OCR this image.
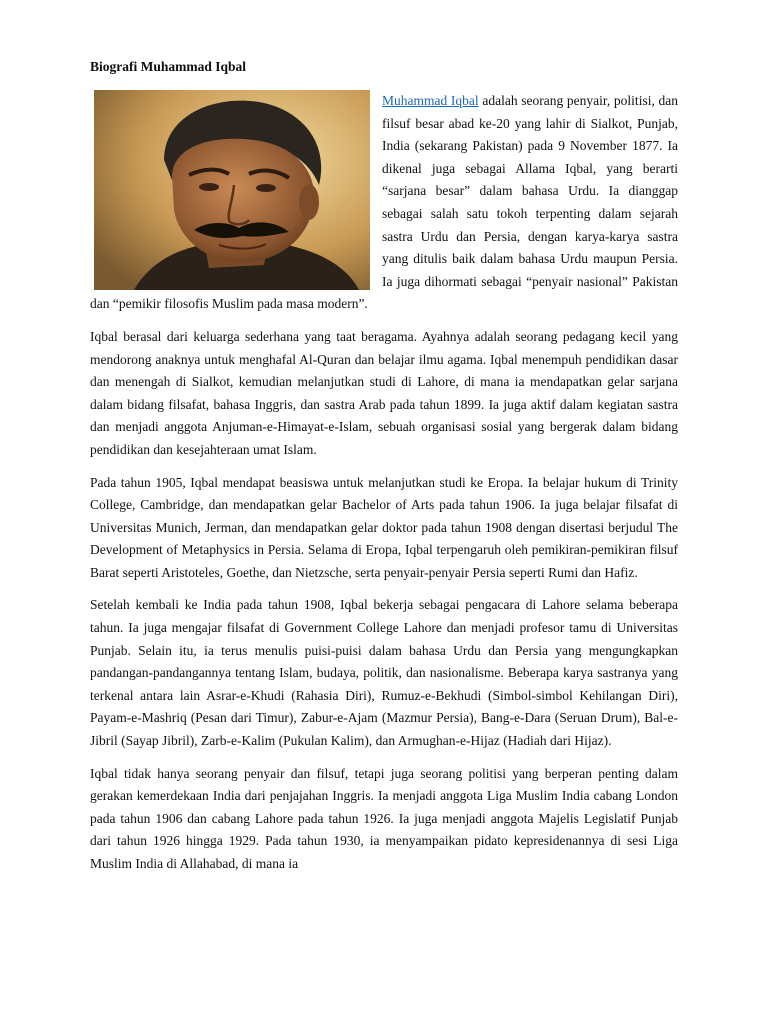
Biografi Muhammad Iqbal
Muhammad Iqbal adalah seorang penyair, politisi, dan filsuf besar abad ke-20 yang lahir di Sialkot, Punjab, India (sekarang Pakistan) pada 9 November 1877. Ia dikenal juga sebagai Allama Iqbal, yang berarti “sarjana besar” dalam bahasa Urdu. Ia dianggap sebagai salah satu tokoh terpenting dalam sejarah sastra Urdu dan Persia, dengan karya-karya sastra yang ditulis baik dalam bahasa Urdu maupun Persia. Ia juga dihormati sebagai “penyair nasional” Pakistan dan “pemikir filosofis Muslim pada masa modern”.
Iqbal berasal dari keluarga sederhana yang taat beragama. Ayahnya adalah seorang pedagang kecil yang mendorong anaknya untuk menghafal Al-Quran dan belajar ilmu agama. Iqbal menempuh pendidikan dasar dan menengah di Sialkot, kemudian melanjutkan studi di Lahore, di mana ia mendapatkan gelar sarjana dalam bidang filsafat, bahasa Inggris, dan sastra Arab pada tahun 1899. Ia juga aktif dalam kegiatan sastra dan menjadi anggota Anjuman-e-Himayat-e-Islam, sebuah organisasi sosial yang bergerak dalam bidang pendidikan dan kesejahteraan umat Islam.
Pada tahun 1905, Iqbal mendapat beasiswa untuk melanjutkan studi ke Eropa. Ia belajar hukum di Trinity College, Cambridge, dan mendapatkan gelar Bachelor of Arts pada tahun 1906. Ia juga belajar filsafat di Universitas Munich, Jerman, dan mendapatkan gelar doktor pada tahun 1908 dengan disertasi berjudul The Development of Metaphysics in Persia. Selama di Eropa, Iqbal terpengaruh oleh pemikiran-pemikiran filsuf Barat seperti Aristoteles, Goethe, dan Nietzsche, serta penyair-penyair Persia seperti Rumi dan Hafiz.
Setelah kembali ke India pada tahun 1908, Iqbal bekerja sebagai pengacara di Lahore selama beberapa tahun. Ia juga mengajar filsafat di Government College Lahore dan menjadi profesor tamu di Universitas Punjab. Selain itu, ia terus menulis puisi-puisi dalam bahasa Urdu dan Persia yang mengungkapkan pandangan-pandangannya tentang Islam, budaya, politik, dan nasionalisme. Beberapa karya sastranya yang terkenal antara lain Asrar-e-Khudi (Rahasia Diri), Rumuz-e-Bekhudi (Simbol-simbol Kehilangan Diri), Payam-e-Mashriq (Pesan dari Timur), Zabur-e-Ajam (Mazmur Persia), Bang-e-Dara (Seruan Drum), Bal-e-Jibril (Sayap Jibril), Zarb-e-Kalim (Pukulan Kalim), dan Armughan-e-Hijaz (Hadiah dari Hijaz).
Iqbal tidak hanya seorang penyair dan filsuf, tetapi juga seorang politisi yang berperan penting dalam gerakan kemerdekaan India dari penjajahan Inggris. Ia menjadi anggota Liga Muslim India cabang London pada tahun 1906 dan cabang Lahore pada tahun 1926. Ia juga menjadi anggota Majelis Legislatif Punjab dari tahun 1926 hingga 1929. Pada tahun 1930, ia menyampaikan pidato kepresidenannya di sesi Liga Muslim India di Allahabad, di mana ia
